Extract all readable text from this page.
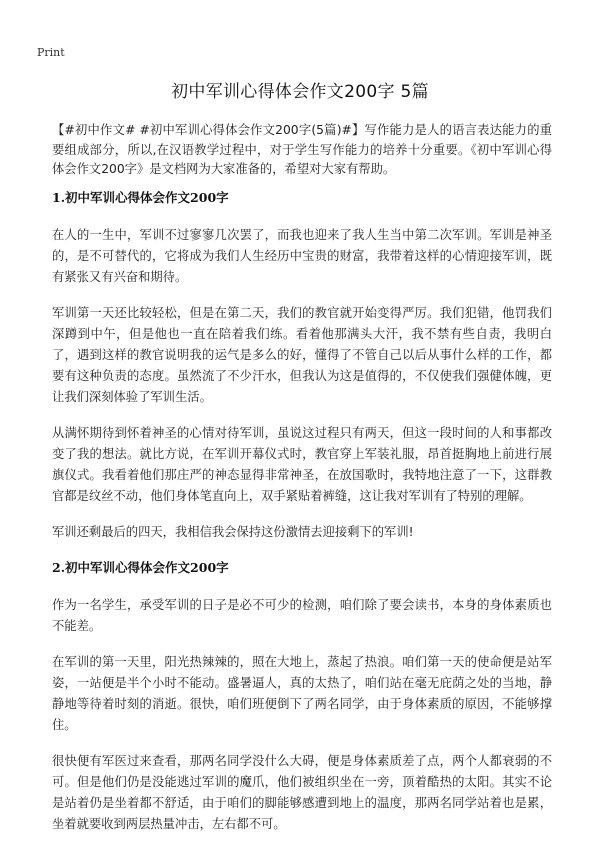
Print
初中军训心得体会作文200字 5篇

【#初中作文# #初中军训心得体会作文200字(5篇)#】写作能力是人的语言表达能力的重要组成部分，所以,在汉语教学过程中，对于学生写作能力的培养十分重要。《初中军训心得体会作文200字》是文档网为大家准备的，希望对大家有帮助。

1.初中军训心得体会作文200字

在人的一生中，军训不过寥寥几次罢了，而我也迎来了我人生当中第二次军训。军训是神圣的，是不可替代的，它将成为我们人生经历中宝贵的财富，我带着这样的心情迎接军训，既有紧张又有兴奋和期待。

军训第一天还比较轻松，但是在第二天，我们的教官就开始变得严厉。我们犯错，他罚我们深蹲到中午，但是他也一直在陪着我们练。看着他那满头大汗，我不禁有些自责，我明白了，遇到这样的教官说明我的运气是多么的好，懂得了不管自己以后从事什么样的工作，都要有这种负责的态度。虽然流了不少汗水，但我认为这是值得的，不仅使我们强健体魄，更让我们深刻体验了军训生活。

从满怀期待到怀着神圣的心情对待军训，虽说这过程只有两天，但这一段时间的人和事都改变了我的想法。就比方说，在军训开幕仪式时，教官穿上军装礼服，昂首挺胸地上前进行展旗仪式。我看着他们那庄严的神态显得非常神圣，在放国歌时，我特地注意了一下，这群教官都是纹丝不动，他们身体笔直向上，双手紧贴着裤缝，这让我对军训有了特别的理解。

军训还剩最后的四天，我相信我会保持这份激情去迎接剩下的军训!

2.初中军训心得体会作文200字

作为一名学生，承受军训的日子是必不可少的检测，咱们除了要会读书，本身的身体素质也不能差。

在军训的第一天里，阳光热辣辣的，照在大地上，蒸起了热浪。咱们第一天的使命便是站军姿，一站便是半个小时不能动。盛暑逼人，真的太热了，咱们站在毫无庇荫之处的当地，静静地等待着时刻的消逝。很快，咱们班便倒下了两名同学，由于身体素质的原因，不能够撑住。

很快便有军医过来查看，那两名同学没什么大碍，便是身体素质差了点，两个人都衰弱的不可。但是他们仍是没能逃过军训的魔爪，他们被组织坐在一旁，顶着酷热的太阳。其实不论是站着仍是坐着都不舒适，由于咱们的脚能够感遭到地上的温度，那两名同学站着也是累，坐着就要收到两层热量冲击，左右都不可。
